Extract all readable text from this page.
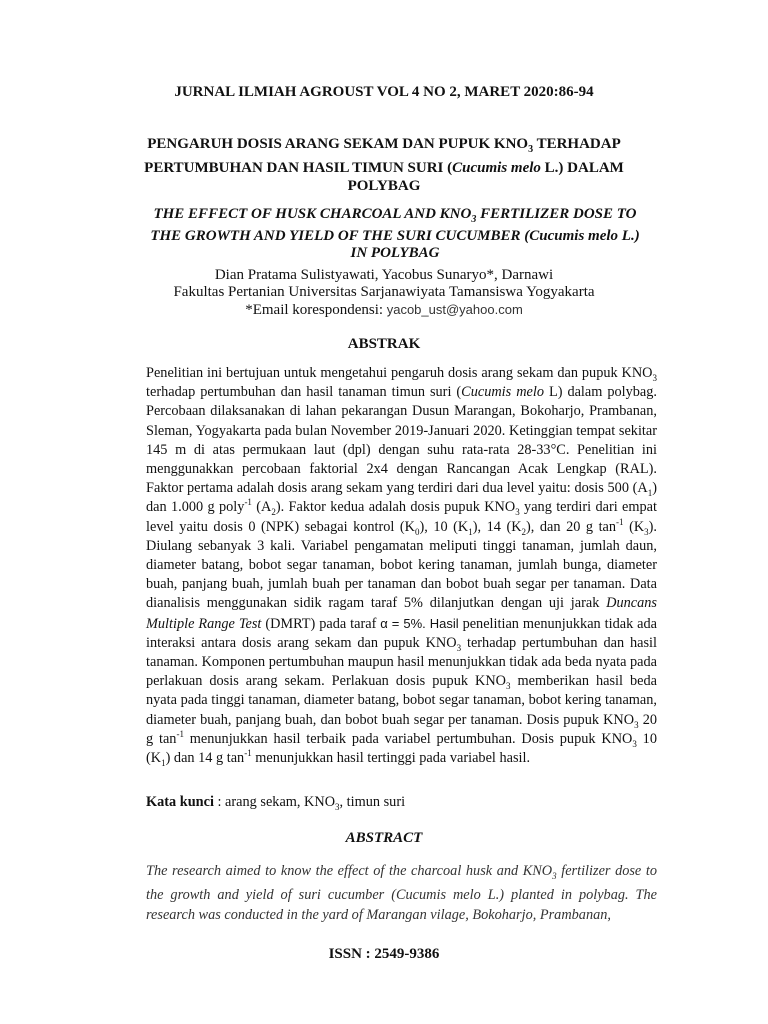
JURNAL ILMIAH AGROUST VOL 4 NO 2, MARET 2020:86-94
PENGARUH DOSIS ARANG SEKAM DAN PUPUK $KNO_3$ TERHADAP PERTUMBUHAN DAN HASIL TIMUN SURI (Cucumis melo L.) DALAM POLYBAG
THE EFFECT OF HUSK CHARCOAL AND $KNO_3$ FERTILIZER DOSE TO THE GROWTH AND YIELD OF THE SURI CUCUMBER (Cucumis melo L.) IN POLYBAG
Dian Pratama Sulistyawati, Yacobus Sunaryo*, Darnawi
Fakultas Pertanian Universitas Sarjanawiyata Tamansiswa Yogyakarta
*Email korespondensi: yacob_ust@yahoo.com
ABSTRAK
Penelitian ini bertujuan untuk mengetahui pengaruh dosis arang sekam dan pupuk $KNO_3$ terhadap pertumbuhan dan hasil tanaman timun suri (Cucumis melo L) dalam polybag. Percobaan dilaksanakan di lahan pekarangan Dusun Marangan, Bokoharjo, Prambanan, Sleman, Yogyakarta pada bulan November 2019-Januari 2020. Ketinggian tempat sekitar 145 m di atas permukaan laut (dpl) dengan suhu rata-rata 28-33°C. Penelitian ini menggunakkan percobaan faktorial 2x4 dengan Rancangan Acak Lengkap (RAL). Faktor pertama adalah dosis arang sekam yang terdiri dari dua level yaitu: dosis 500 $(A_1)$ dan 1.000 g poly$^{-1}$ $(A_2)$. Faktor kedua adalah dosis pupuk $KNO_3$ yang terdiri dari empat level yaitu dosis 0 (NPK) sebagai kontrol $(K_0)$, 10 $(K_1)$, 14 $(K_2)$, dan 20 g $\tan^{-1} (K_3)$. Diulang sebanyak 3 kali. Variabel pengamatan meliputi tinggi tanaman, jumlah daun, diameter batang, bobot segar tanaman, bobot kering tanaman, jumlah bunga, diameter buah, panjang buah, jumlah buah per tanaman dan bobot buah segar per tanaman. Data dianalisis menggunakan sidik ragam taraf 5% dilanjutkan dengan uji jarak Duncans Multiple Range Test (DMRT) pada taraf α = 5%. Hasil penelitian menunjukkan tidak ada interaksi antara dosis arang sekam dan pupuk $KNO_3$ terhadap pertumbuhan dan hasil tanaman. Komponen pertumbuhan maupun hasil menunjukkan tidak ada beda nyata pada perlakuan dosis arang sekam. Perlakuan dosis pupuk $KNO_3$ memberikan hasil beda nyata pada tinggi tanaman, diameter batang, bobot segar tanaman, bobot kering tanaman, diameter buah, panjang buah, dan bobot buah segar per tanaman. Dosis pupuk $KNO_3$ 20 g $\tan^{-1}$ menunjukkan hasil terbaik pada variabel pertumbuhan. Dosis pupuk $KNO_3$ 10 $(K_1)$ dan 14 g $\tan^{-1}$ menunjukkan hasil tertinggi pada variabel hasil.
Kata kunci : arang sekam, $KNO_3$, timun suri
ABSTRACT
The research aimed to know the effect of the charcoal husk and $KNO_3$ fertilizer dose to the growth and yield of suri cucumber (Cucumis melo L.) planted in polybag. The research was conducted in the yard of Marangan vilage, Bokoharjo, Prambanan,
ISSN : 2549-9386
